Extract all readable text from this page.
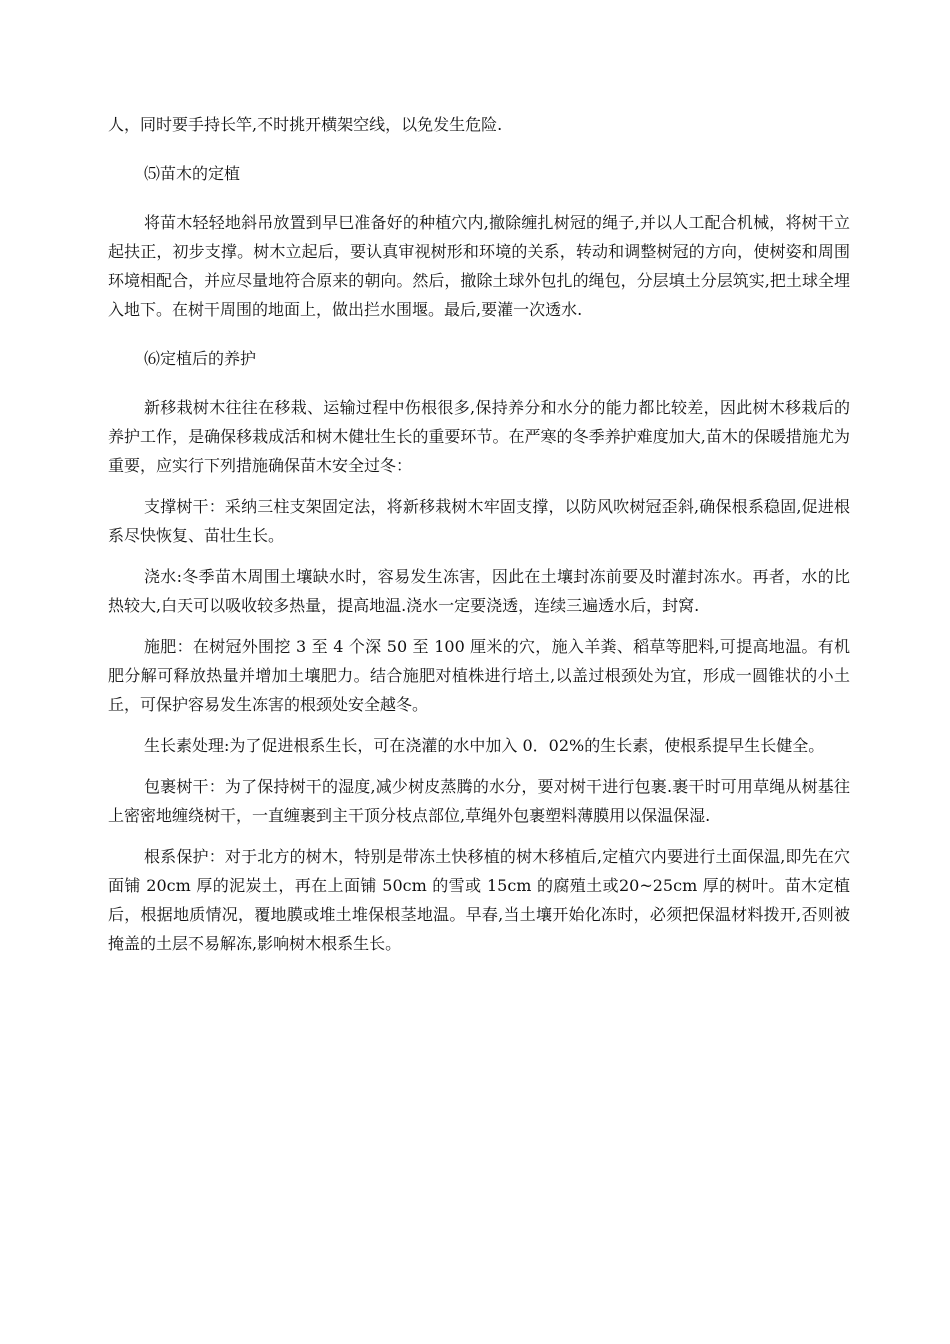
人，同时要手持长竿,不时挑开横架空线，以免发生危险.

⑸苗木的定植

将苗木轻轻地斜吊放置到早巳准备好的种植穴内,撤除缠扎树冠的绳子,并以人工配合机械，将树干立起扶正，初步支撑。树木立起后，要认真审视树形和环境的关系，转动和调整树冠的方向，使树姿和周围环境相配合，并应尽量地符合原来的朝向。然后，撤除土球外包扎的绳包，分层填土分层筑实,把土球全埋入地下。在树干周围的地面上，做出拦水围堰。最后,要灌一次透水.

⑹定植后的养护

新移栽树木往往在移栽、运输过程中伤根很多,保持养分和水分的能力都比较差，因此树木移栽后的养护工作，是确保移栽成活和树木健壮生长的重要环节。在严寒的冬季养护难度加大,苗木的保暖措施尤为重要，应实行下列措施确保苗木安全过冬：

支撑树干：采纳三柱支架固定法，将新移栽树木牢固支撑，以防风吹树冠歪斜,确保根系稳固,促进根系尽快恢复、苗壮生长。

浇水:冬季苗木周围土壤缺水时，容易发生冻害，因此在土壤封冻前要及时灌封冻水。再者，水的比热较大,白天可以吸收较多热量，提高地温.浇水一定要浇透，连续三遍透水后，封窝.

施肥：在树冠外围挖 3 至 4 个深 50 至 100 厘米的穴，施入羊粪、稻草等肥料,可提高地温。有机肥分解可释放热量并增加土壤肥力。结合施肥对植株进行培土,以盖过根颈处为宜，形成一圆锥状的小土丘，可保护容易发生冻害的根颈处安全越冬。

生长素处理:为了促进根系生长，可在浇灌的水中加入 0．02%的生长素，使根系提早生长健全。

包裹树干：为了保持树干的湿度,减少树皮蒸腾的水分，要对树干进行包裹.裹干时可用草绳从树基往上密密地缠绕树干，一直缠裹到主干顶分枝点部位,草绳外包裹塑料薄膜用以保温保湿.

根系保护：对于北方的树木，特别是带冻土快移植的树木移植后,定植穴内要进行土面保温,即先在穴面铺 20cm 厚的泥炭土，再在上面铺 50cm 的雪或 15cm 的腐殖土或20~25cm 厚的树叶。苗木定植后，根据地质情况，覆地膜或堆土堆保根茎地温。早春,当土壤开始化冻时，必须把保温材料拨开,否则被掩盖的土层不易解冻,影响树木根系生长。
